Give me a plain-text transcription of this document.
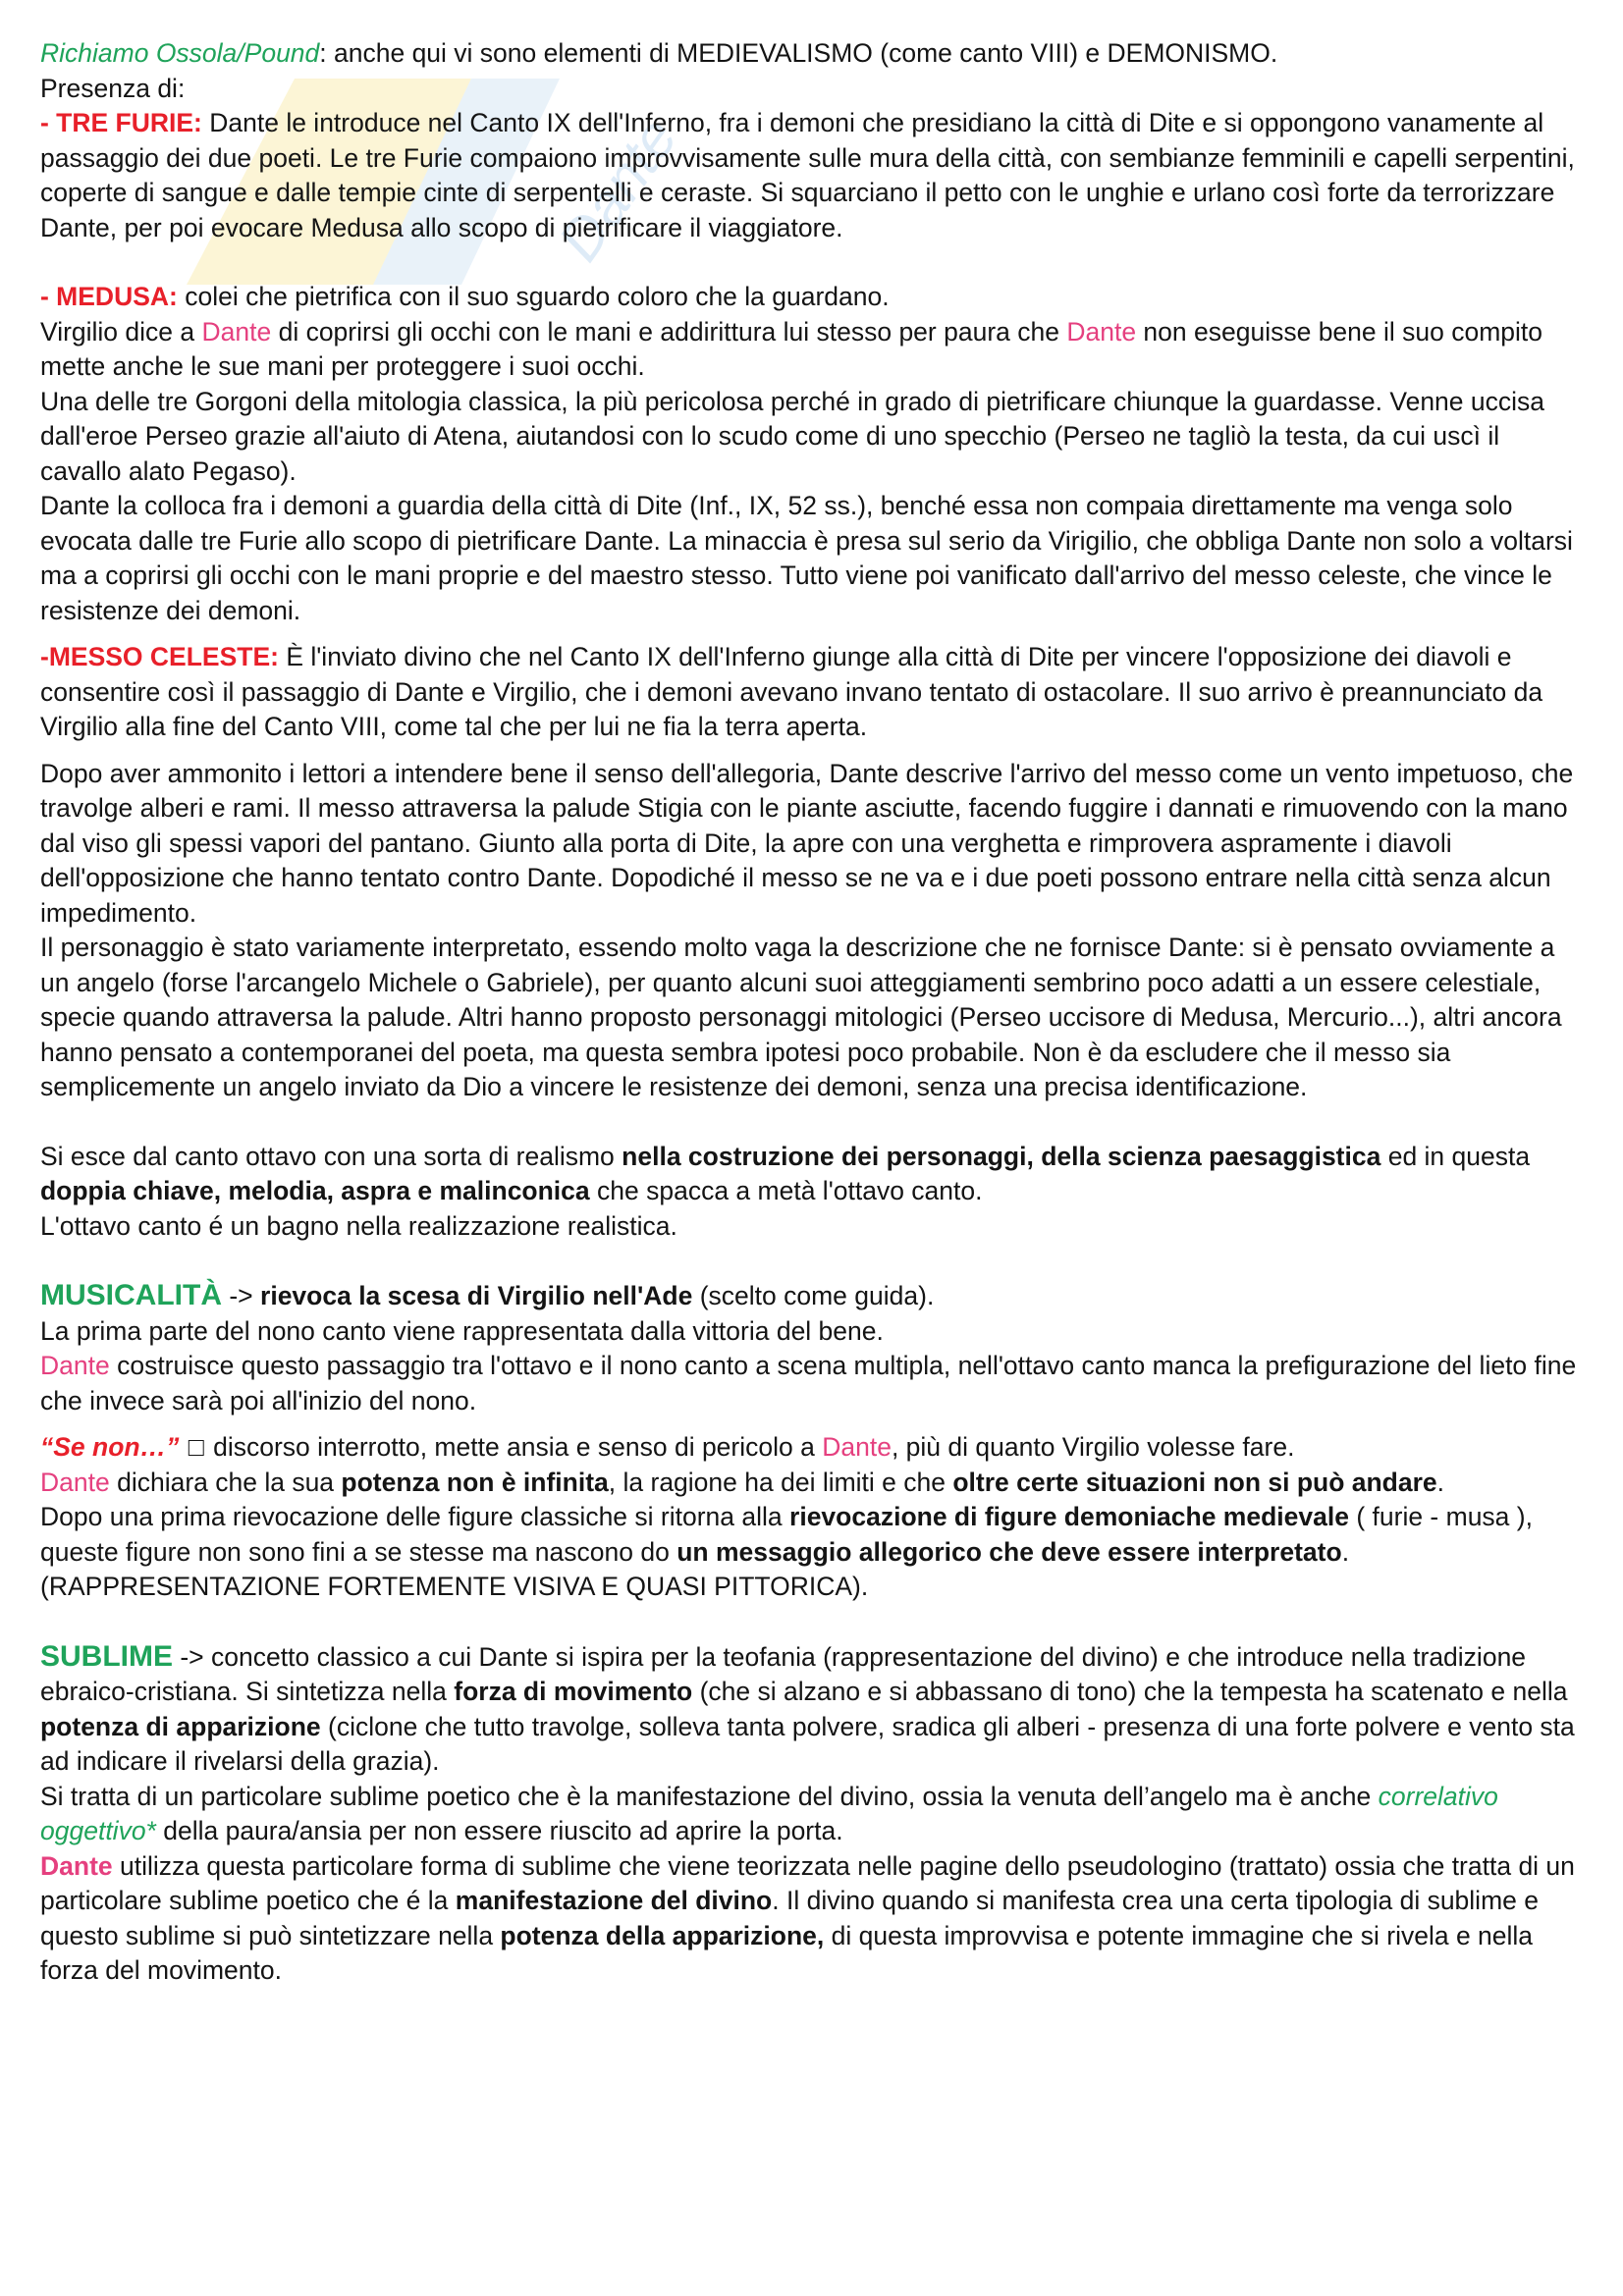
Dante

Richiamo Ossola/Pound: anche qui vi sono elementi di MEDIEVALISMO (come canto VIII) e DEMONISMO.

Presenza di:

- TRE FURIE: Dante le introduce nel Canto IX dell'Inferno, fra i demoni che presidiano la città di Dite e si oppongono vanamente al passaggio dei due poeti. Le tre Furie compaiono improvvisamente sulle mura della città, con sembianze femminili e capelli serpentini, coperte di sangue e dalle tempie cinte di serpentelli e ceraste. Si squarciano il petto con le unghie e urlano così forte da terrorizzare Dante, per poi evocare Medusa allo scopo di pietrificare il viaggiatore.

- MEDUSA: colei che pietrifica con il suo sguardo coloro che la guardano.

Virgilio dice a Dante di coprirsi gli occhi con le mani e addirittura lui stesso per paura che Dante non eseguisse bene il suo compito mette anche le sue mani per proteggere i suoi occhi.

Una delle tre Gorgoni della mitologia classica, la più pericolosa perché in grado di pietrificare chiunque la guardasse. Venne uccisa dall'eroe Perseo grazie all'aiuto di Atena, aiutandosi con lo scudo come di uno specchio (Perseo ne tagliò la testa, da cui uscì il cavallo alato Pegaso).

Dante la colloca fra i demoni a guardia della città di Dite (Inf., IX, 52 ss.), benché essa non compaia direttamente ma venga solo evocata dalle tre Furie allo scopo di pietrificare Dante. La minaccia è presa sul serio da Virigilio, che obbliga Dante non solo a voltarsi ma a coprirsi gli occhi con le mani proprie e del maestro stesso. Tutto viene poi vanificato dall'arrivo del messo celeste, che vince le resistenze dei demoni.

-MESSO CELESTE: È l'inviato divino che nel Canto IX dell'Inferno giunge alla città di Dite per vincere l'opposizione dei diavoli e consentire così il passaggio di Dante e Virgilio, che i demoni avevano invano tentato di ostacolare. Il suo arrivo è preannunciato da Virgilio alla fine del Canto VIII, come tal che per lui ne fia la terra aperta.

Dopo aver ammonito i lettori a intendere bene il senso dell'allegoria, Dante descrive l'arrivo del messo come un vento impetuoso, che travolge alberi e rami. Il messo attraversa la palude Stigia con le piante asciutte, facendo fuggire i dannati e rimuovendo con la mano dal viso gli spessi vapori del pantano. Giunto alla porta di Dite, la apre con una verghetta e rimprovera aspramente i diavoli dell'opposizione che hanno tentato contro Dante. Dopodiché il messo se ne va e i due poeti possono entrare nella città senza alcun impedimento.

Il personaggio è stato variamente interpretato, essendo molto vaga la descrizione che ne fornisce Dante: si è pensato ovviamente a un angelo (forse l'arcangelo Michele o Gabriele), per quanto alcuni suoi atteggiamenti sembrino poco adatti a un essere celestiale, specie quando attraversa la palude. Altri hanno proposto personaggi mitologici (Perseo uccisore di Medusa, Mercurio...), altri ancora hanno pensato a contemporanei del poeta, ma questa sembra ipotesi poco probabile. Non è da escludere che il messo sia semplicemente un angelo inviato da Dio a vincere le resistenze dei demoni, senza una precisa identificazione.

Si esce dal canto ottavo con una sorta di realismo nella costruzione dei personaggi, della scienza paesaggistica ed in questa doppia chiave, melodia, aspra e malinconica che spacca a metà l'ottavo canto.

L'ottavo canto é un bagno nella realizzazione realistica.

MUSICALITÀ -> rievoca la scesa di Virgilio nell'Ade (scelto come guida).

La prima parte del nono canto viene rappresentata dalla vittoria del bene.

Dante costruisce questo passaggio tra l'ottavo e il nono canto a scena multipla, nell'ottavo canto manca la prefigurazione del lieto fine che invece sarà poi all'inizio del nono.

“Se non…” □ discorso interrotto, mette ansia e senso di pericolo a Dante, più di quanto Virgilio volesse fare.

Dante dichiara che la sua potenza non è infinita, la ragione ha dei limiti e che oltre certe situazioni non si può andare.

Dopo una prima rievocazione delle figure classiche si ritorna alla rievocazione di figure demoniache medievale ( furie - musa ), queste figure non sono fini a se stesse ma nascono do un messaggio allegorico che deve essere interpretato.

(RAPPRESENTAZIONE FORTEMENTE VISIVA E QUASI PITTORICA).

SUBLIME -> concetto classico a cui Dante si ispira per la teofania (rappresentazione del divino) e che introduce nella tradizione ebraico-cristiana. Si sintetizza nella forza di movimento (che si alzano e si abbassano di tono) che la tempesta ha scatenato e nella potenza di apparizione (ciclone che tutto travolge, solleva tanta polvere, sradica gli alberi - presenza di una forte polvere e vento sta ad indicare il rivelarsi della grazia).

Si tratta di un particolare sublime poetico che è la manifestazione del divino, ossia la venuta dell’angelo ma è anche correlativo oggettivo* della paura/ansia per non essere riuscito ad aprire la porta.

Dante utilizza questa particolare forma di sublime che viene teorizzata nelle pagine dello pseudologino (trattato) ossia che tratta di un particolare sublime poetico che é la manifestazione del divino. Il divino quando si manifesta crea una certa tipologia di sublime e questo sublime si può sintetizzare nella potenza della apparizione, di questa improvvisa e potente immagine che si rivela e nella forza del movimento.
